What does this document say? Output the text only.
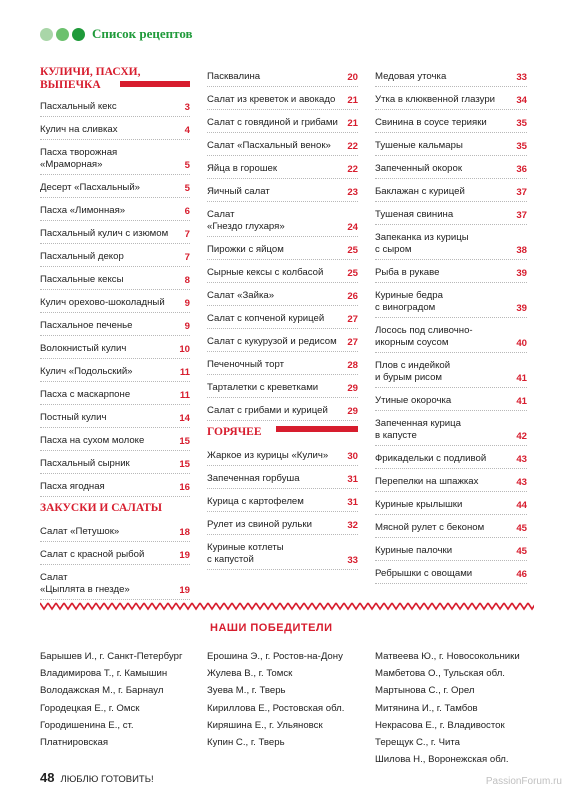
Список рецептов
КУЛИЧИ, ПАСХИ, ВЫПЕЧКА
Пасхальный кекс	3
Кулич на сливках	4
Пасха творожная
«Мраморная»	5
Десерт «Пасхальный»	5
Пасха «Лимонная»	6
Пасхальный кулич с изюмом 7
Пасхальный декор	7
Пасхальные кексы	8
Кулич орехово-шоколадный 9
Пасхальное печенье	9
Волокнистый кулич	10
Кулич «Подольский»	11
Пасха с маскарпоне	11
Постный кулич	14
Пасха на сухом молоке	15
Пасхальный сырник	15
Пасха ягодная	16
ЗАКУСКИ И САЛАТЫ
Салат «Петушок»	18
Салат с красной рыбой	19
Салат
«Цыплята в гнезде»	19
Пасквалина	20
Салат из креветок и авокадо 21
Салат с говядиной и грибами 21
Салат «Пасхальный венок» 22
Яйца в горошек	22
Яичный салат	23
Салат
«Гнездо глухаря»	24
Пирожки с яйцом	25
Сырные кексы с колбасой 25
Салат «Зайка»	26
Салат с копченой курицей 27
Салат с кукурузой и редисом 27
Печеночный торт	28
Тарталетки с креветками	29
Салат с грибами и курицей 29
ГОРЯЧЕЕ
Жаркое из курицы «Кулич» 30
Запеченная горбуша	31
Курица с картофелем	31
Рулет из свиной рульки	32
Куриные котлеты
с капустой	33
Медовая уточка	33
Утка в клюквенной глазури 34
Свинина в соусе терияки	35
Тушеные кальмары	35
Запеченный окорок	36
Баклажан с курицей	37
Тушеная свинина	37
Запеканка из курицы
с сыром	38
Рыба в рукаве	39
Куриные бедра
с виноградом	39
Лосось под сливочно-
икорным соусом	40
Плов с индейкой
и бурым рисом	41
Утиные окорочка	41
Запеченная курица
в капусте	42
Фрикадельки с подливой	43
Перепелки на шпажках	43
Куриные крылышки	44
Мясной рулет с беконом	45
Куриные палочки	45
Ребрышки с овощами	46
НАШИ ПОБЕДИТЕЛИ
Барышев И., г. Санкт-Петербург
Владимирова Т., г. Камышин
Володажская М., г. Барнаул
Городецкая Е., г. Омск
Городишенина Е., ст. Платнировская
Ерошина Э., г. Ростов-на-Дону
Жулева В., г. Томск
Зуева М., г. Тверь
Кириллова Е., Ростовская обл.
Киряшина Е., г. Ульяновск
Купин С., г. Тверь
Матвеева Ю., г. Новосокольники
Мамбетова О., Тульская обл.
Мартынова С., г. Орел
Митянина И., г. Тамбов
Некрасова Е., г. Владивосток
Терещук С., г. Чита
Шилова Н., Воронежская обл.
48 ЛЮБЛЮ ГОТОВИТЬ!	PassionForum.ru
